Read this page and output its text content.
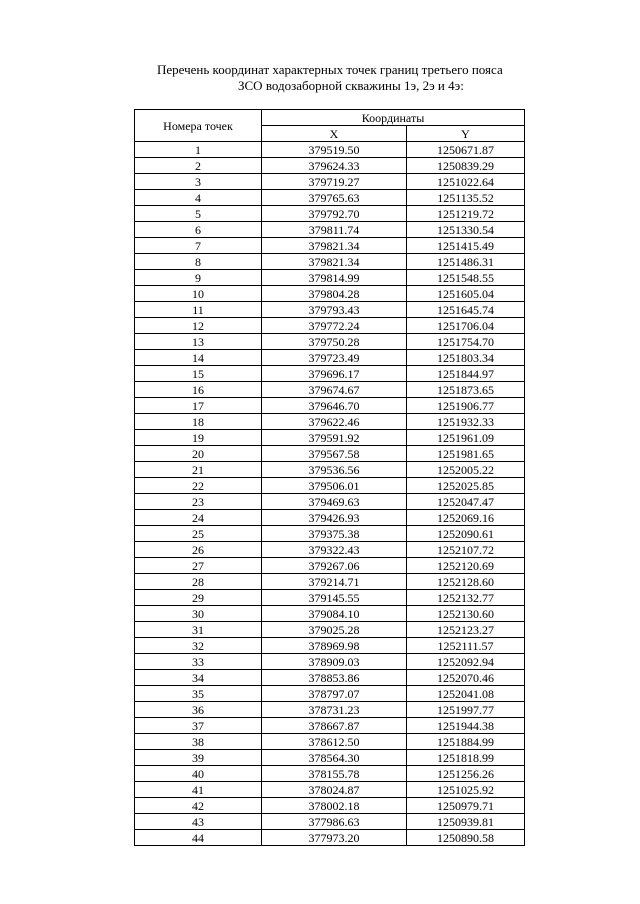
Перечень координат характерных точек границ третьего пояса
ЗСО водозаборной скважины 1э, 2э и 4э:
Номера точек	Координаты	
	X	Y
1	379519.50	1250671.87
2	379624.33	1250839.29
3	379719.27	1251022.64
4	379765.63	1251135.52
5	379792.70	1251219.72
6	379811.74	1251330.54
7	379821.34	1251415.49
8	379821.34	1251486.31
9	379814.99	1251548.55
10	379804.28	1251605.04
11	379793.43	1251645.74
12	379772.24	1251706.04
13	379750.28	1251754.70
14	379723.49	1251803.34
15	379696.17	1251844.97
16	379674.67	1251873.65
17	379646.70	1251906.77
18	379622.46	1251932.33
19	379591.92	1251961.09
20	379567.58	1251981.65
21	379536.56	1252005.22
22	379506.01	1252025.85
23	379469.63	1252047.47
24	379426.93	1252069.16
25	379375.38	1252090.61
26	379322.43	1252107.72
27	379267.06	1252120.69
28	379214.71	1252128.60
29	379145.55	1252132.77
30	379084.10	1252130.60
31	379025.28	1252123.27
32	378969.98	1252111.57
33	378909.03	1252092.94
34	378853.86	1252070.46
35	378797.07	1252041.08
36	378731.23	1251997.77
37	378667.87	1251944.38
38	378612.50	1251884.99
39	378564.30	1251818.99
40	378155.78	1251256.26
41	378024.87	1251025.92
42	378002.18	1250979.71
43	377986.63	1250939.81
44	377973.20	1250890.58
